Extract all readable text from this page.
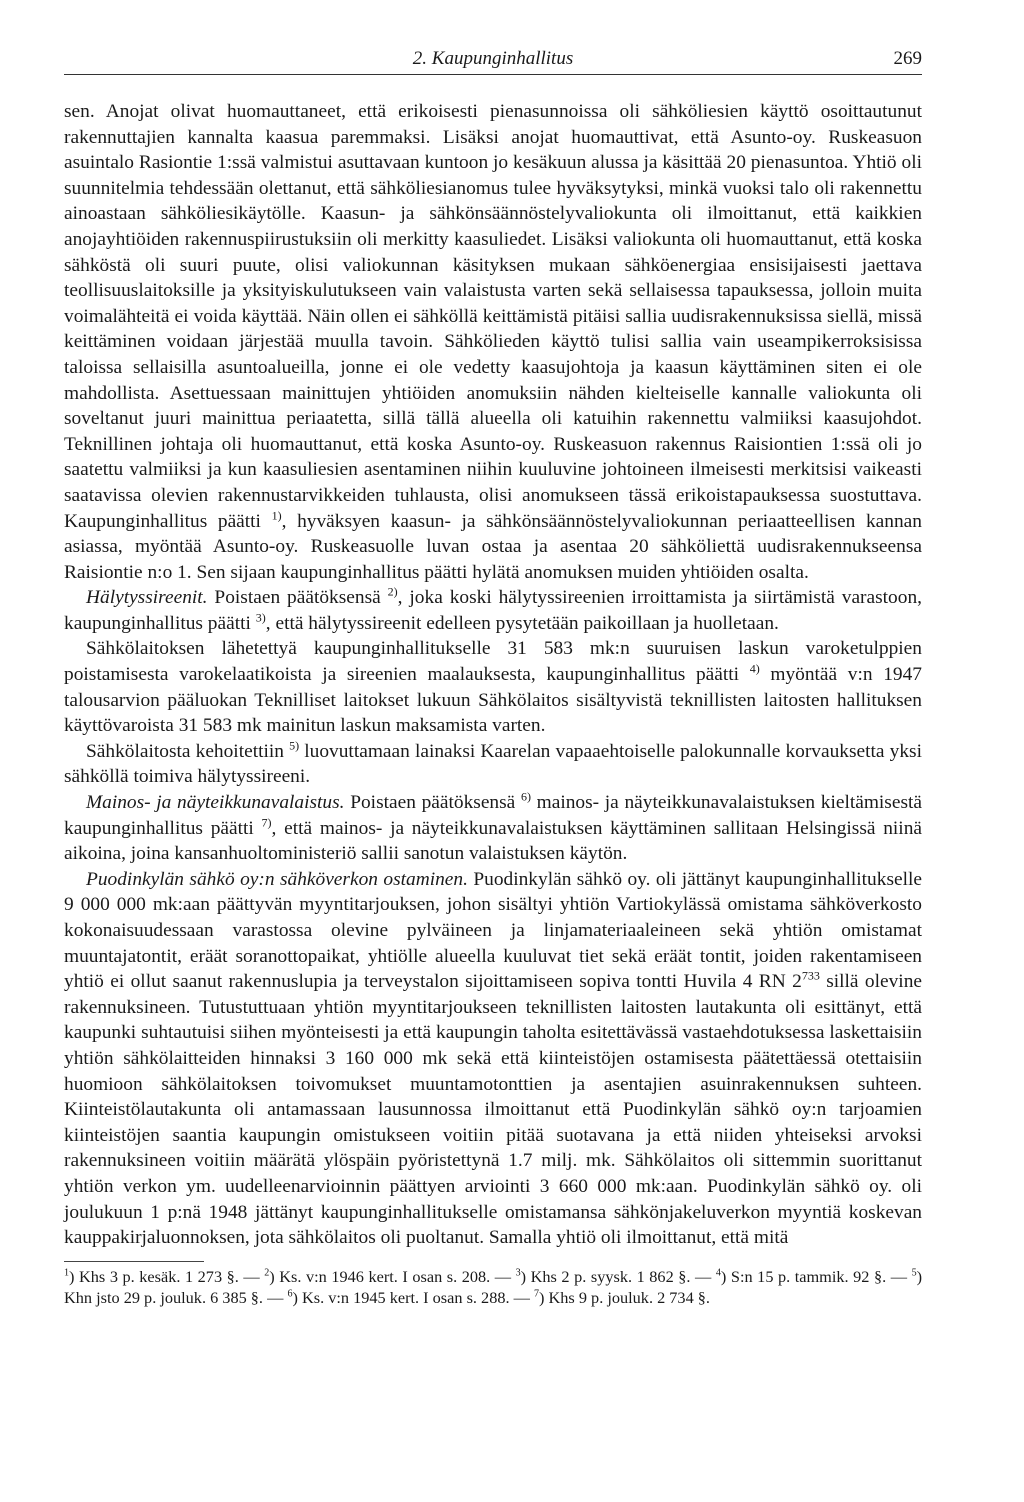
2. Kaupunginhallitus	269

sen. Anojat olivat huomauttaneet, että erikoisesti pienasunnoissa oli sähköliesien käyttö osoittautunut rakennuttajien kannalta kaasua paremmaksi. Lisäksi anojat huomauttivat, että Asunto-oy. Ruskeasuon asuintalo Rasiontie 1:ssä valmistui asuttavaan kuntoon jo kesäkuun alussa ja käsittää 20 pienasuntoa. Yhtiö oli suunnitelmia tehdessään olettanut, että sähköliesianomus tulee hyväksytyksi, minkä vuoksi talo oli rakennettu ainoastaan sähköliesikäytölle. Kaasun- ja sähkönsäännöstelyvaliokunta oli ilmoittanut, että kaikkien anojayhtiöiden rakennuspiirustuksiin oli merkitty kaasuliedet. Lisäksi valiokunta oli huomauttanut, että koska sähköstä oli suuri puute, olisi valiokunnan käsityksen mukaan sähköenergiaa ensisijaisesti jaettava teollisuuslaitoksille ja yksityiskulutukseen vain valaistusta varten sekä sellaisessa tapauksessa, jolloin muita voimalähteitä ei voida käyttää. Näin ollen ei sähköllä keittämistä pitäisi sallia uudisrakennuksissa siellä, missä keittäminen voidaan järjestää muulla tavoin. Sähkölieden käyttö tulisi sallia vain useampikerroksisissa taloissa sellaisilla asuntoalueilla, jonne ei ole vedetty kaasujohtoja ja kaasun käyttäminen siten ei ole mahdollista. Asettuessaan mainittujen yhtiöiden anomuksiin nähden kielteiselle kannalle valiokunta oli soveltanut juuri mainittua periaatetta, sillä tällä alueella oli katuihin rakennettu valmiiksi kaasujohdot. Teknillinen johtaja oli huomauttanut, että koska Asunto-oy. Ruskeasuon rakennus Raisiontien 1:ssä oli jo saatettu valmiiksi ja kun kaasuliesien asentaminen niihin kuuluvine johtoineen ilmeisesti merkitsisi vaikeasti saatavissa olevien rakennustarvikkeiden tuhlausta, olisi anomukseen tässä erikoistapauksessa suostuttava. Kaupunginhallitus päätti $^{1)}$, hyväksyen kaasun- ja sähkönsäännöstelyvaliokunnan periaatteellisen kannan asiassa, myöntää Asunto-oy. Ruskeasuolle luvan ostaa ja asentaa 20 sähköliettä uudisrakennukseensa Raisiontie n:o 1. Sen sijaan kaupunginhallitus päätti hylätä anomuksen muiden yhtiöiden osalta.

Hälytyssireenit. Poistaen päätöksensä $^{2)}$, joka koski hälytyssireenien irroittamista ja siirtämistä varastoon, kaupunginhallitus päätti $^{3)}$, että hälytyssireenit edelleen pysytetään paikoillaan ja huolletaan.

Sähkölaitoksen lähetettyä kaupunginhallitukselle 31 583 mk:n suuruisen laskun varoketulppien poistamisesta varokelaatikoista ja sireenien maalauksesta, kaupunginhallitus päätti $^{4)}$ myöntää v:n 1947 talousarvion pääluokan Teknilliset laitokset lukuun Sähkölaitos sisältyvistä teknillisten laitosten hallituksen käyttövaroista 31 583 mk mainitun laskun maksamista varten.

Sähkölaitosta kehoitettiin $^{5)}$ luovuttamaan lainaksi Kaarelan vapaaehtoiselle palokunnalle korvauksetta yksi sähköllä toimiva hälytyssireeni.

Mainos- ja näyteikkunavalaistus. Poistaen päätöksensä $^{6)}$ mainos- ja näyteikkunavalaistuksen kieltämisestä kaupunginhallitus päätti $^{7)}$, että mainos- ja näyteikkunavalaistuksen käyttäminen sallitaan Helsingissä niinä aikoina, joina kansanhuoltoministeriö sallii sanotun valaistuksen käytön.

Puodinkylän sähkö oy:n sähköverkon ostaminen. Puodinkylän sähkö oy. oli jättänyt kaupunginhallitukselle 9 000 000 mk:aan päättyvän myyntitarjouksen, johon sisältyi yhtiön Vartiokylässä omistama sähköverkosto kokonaisuudessaan varastossa olevine pylväineen ja linjamateriaaleineen sekä yhtiön omistamat muuntajatontit, eräät soranottopaikat, yhtiölle alueella kuuluvat tiet sekä eräät tontit, joiden rakentamiseen yhtiö ei ollut saanut rakennuslupia ja terveystalon sijoittamiseen sopiva tontti Huvila 4 RN $2^{733}$ sillä olevine rakennuksineen. Tutustuttuaan yhtiön myyntitarjoukseen teknillisten laitosten lautakunta oli esittänyt, että kaupunki suhtautuisi siihen myönteisesti ja että kaupungin taholta esitettävässä vastaehdotuksessa laskettaisiin yhtiön sähkölaitteiden hinnaksi 3 160 000 mk sekä että kiinteistöjen ostamisesta päätettäessä otettaisiin huomioon sähkölaitoksen toivomukset muuntamotonttien ja asentajien asuinrakennuksen suhteen. Kiinteistölautakunta oli antamassaan lausunnossa ilmoittanut että Puodinkylän sähkö oy:n tarjoamien kiinteistöjen saantia kaupungin omistukseen voitiin pitää suotavana ja että niiden yhteiseksi arvoksi rakennuksineen voitiin määrätä ylöspäin pyöristettynä 1.7 milj. mk. Sähkölaitos oli sittemmin suorittanut yhtiön verkon ym. uudelleenarvioinnin päättyen arviointi 3 660 000 mk:aan. Puodinkylän sähkö oy. oli joulukuun 1 p:nä 1948 jättänyt kaupunginhallitukselle omistamansa sähkönjakeluverkon myyntiä koskevan kauppakirjaluonnoksen, jota sähkölaitos oli puoltanut. Samalla yhtiö oli ilmoittanut, että mitä

$^1$) Khs 3 p. kesäk. 1 273 §. — $^2$) Ks. v:n 1946 kert. I osan s. 208. — $^3$) Khs 2 p. syysk. 1 862 §. — $^4$) S:n 15 p. tammik. 92 §. — $^5$) Khn jsto 29 p. jouluk. 6 385 §. — $^6$) Ks. v:n 1945 kert. I osan s. 288. — $^7$) Khs 9 p. jouluk. 2 734 §.
